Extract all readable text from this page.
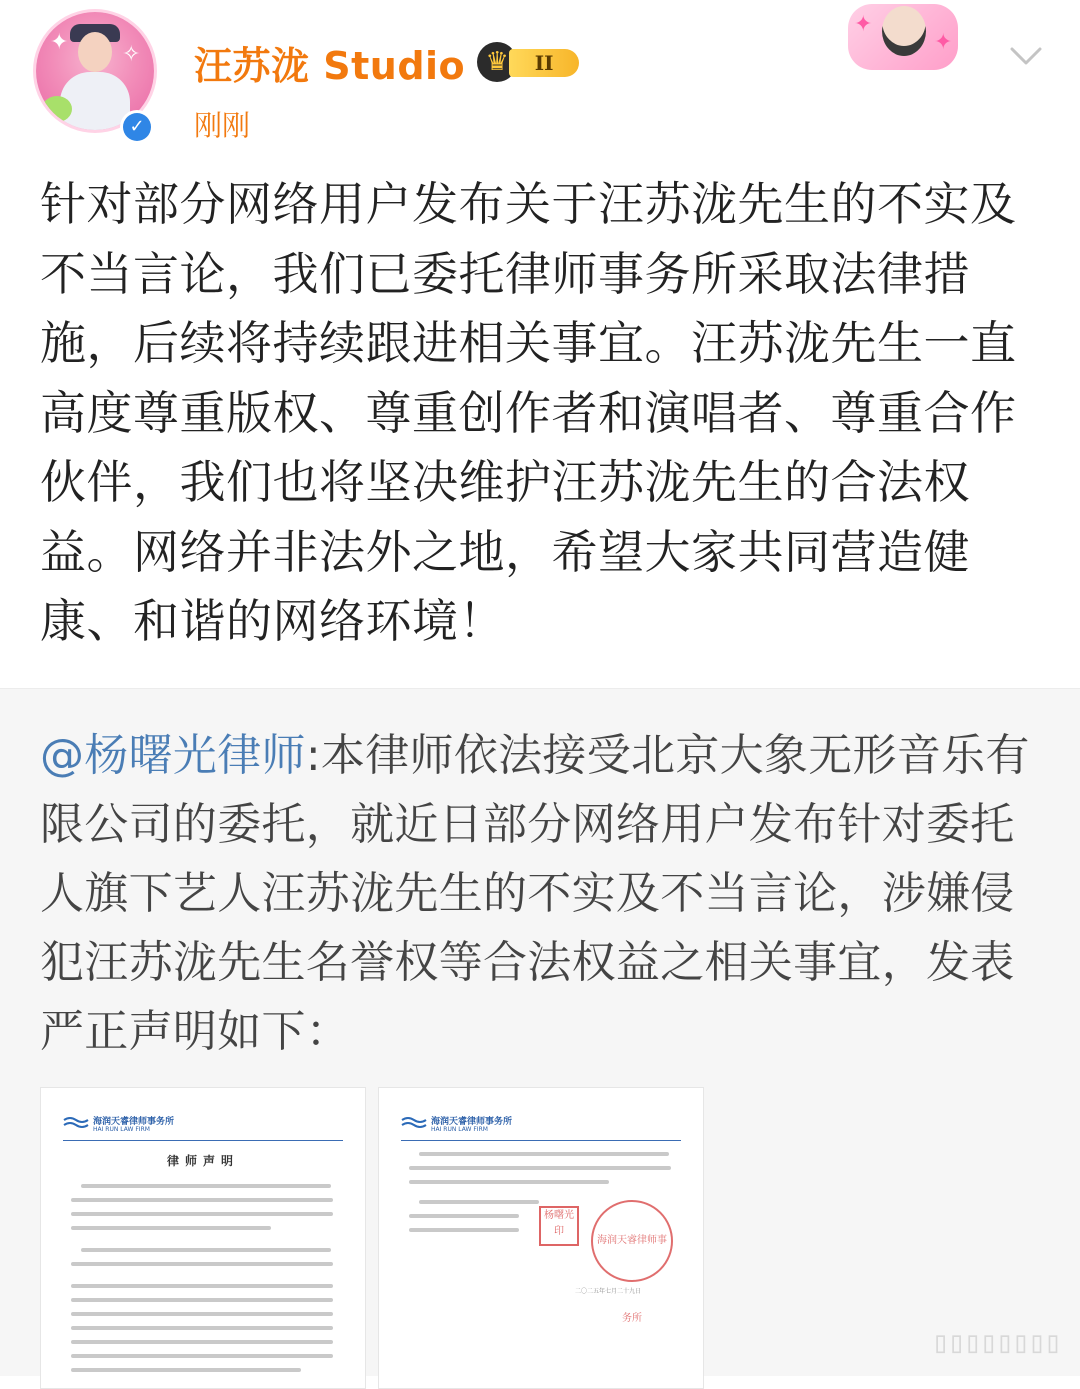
✦ ✧
✓
汪苏泷 Studio ♛	II
刚刚
✦
✦
针对部分网络用户发布关于汪苏泷先生的不实及不当言论，我们已委托律师事务所采取法律措施，后续将持续跟进相关事宜。汪苏泷先生一直高度尊重版权、尊重创作者和演唱者、尊重合作伙伴，我们也将坚决维护汪苏泷先生的合法权益。网络并非法外之地，希望大家共同营造健康、和谐的网络环境！
@杨曙光律师:本律师依法接受北京大象无形音乐有限公司的委托，就近日部分网络用户发布针对委托人旗下艺人汪苏泷先生的不实及不当言论，涉嫌侵犯汪苏泷先生名誉权等合法权益之相关事宜，发表严正声明如下：
海润天睿律师事务所
HAI RUN LAW FIRM
律师声明
海润天睿律师事务所
HAI RUN LAW FIRM
杨曙光印
海润天睿律师事务所
二〇二五年七月二十九日
▯▯▯▯▯▯▯▯
